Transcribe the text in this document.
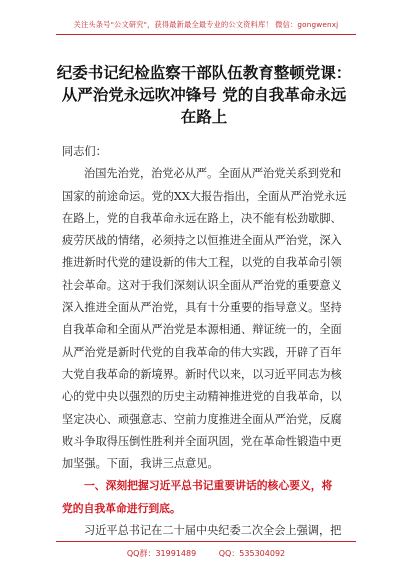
关注头条号"公文研究"，获得最新最全最专业的公文资料库！ 微信：gongwenxj
纪委书记纪检监察干部队伍教育整顿党课：
从严治党永远吹冲锋号 党的自我革命永远
在路上

同志们：

治国先治党，治党必从严。全面从严治党关系到党和
国家的前途命运。党的XX大报告指出，全面从严治党永远
在路上，党的自我革命永远在路上，决不能有松劲歇脚、
疲劳厌战的情绪，必须持之以恒推进全面从严治党，深入
推进新时代党的建设新的伟大工程，以党的自我革命引领
社会革命。这对于我们深刻认识全面从严治党的重要意义
深入推进全面从严治党，具有十分重要的指导意义。坚持
自我革命和全面从严治党是本源相通、辩证统一的，全面
从严治党是新时代党的自我革命的伟大实践，开辟了百年
大党自我革命的新境界。新时代以来，以习近平同志为核
心的党中央以强烈的历史主动精神推进党的自我革命，以
坚定决心、顽强意志、空前力度推进全面从严治党，反腐
败斗争取得压倒性胜利并全面巩固，党在革命性锻造中更
加坚强。下面，我讲三点意见。
一、深刻把握习近平总书记重要讲话的核心要义，将
党的自我革命进行到底。
习近平总书记在二十届中央纪委二次全会上强调，把
QQ群：31991489	QQ：535304092
